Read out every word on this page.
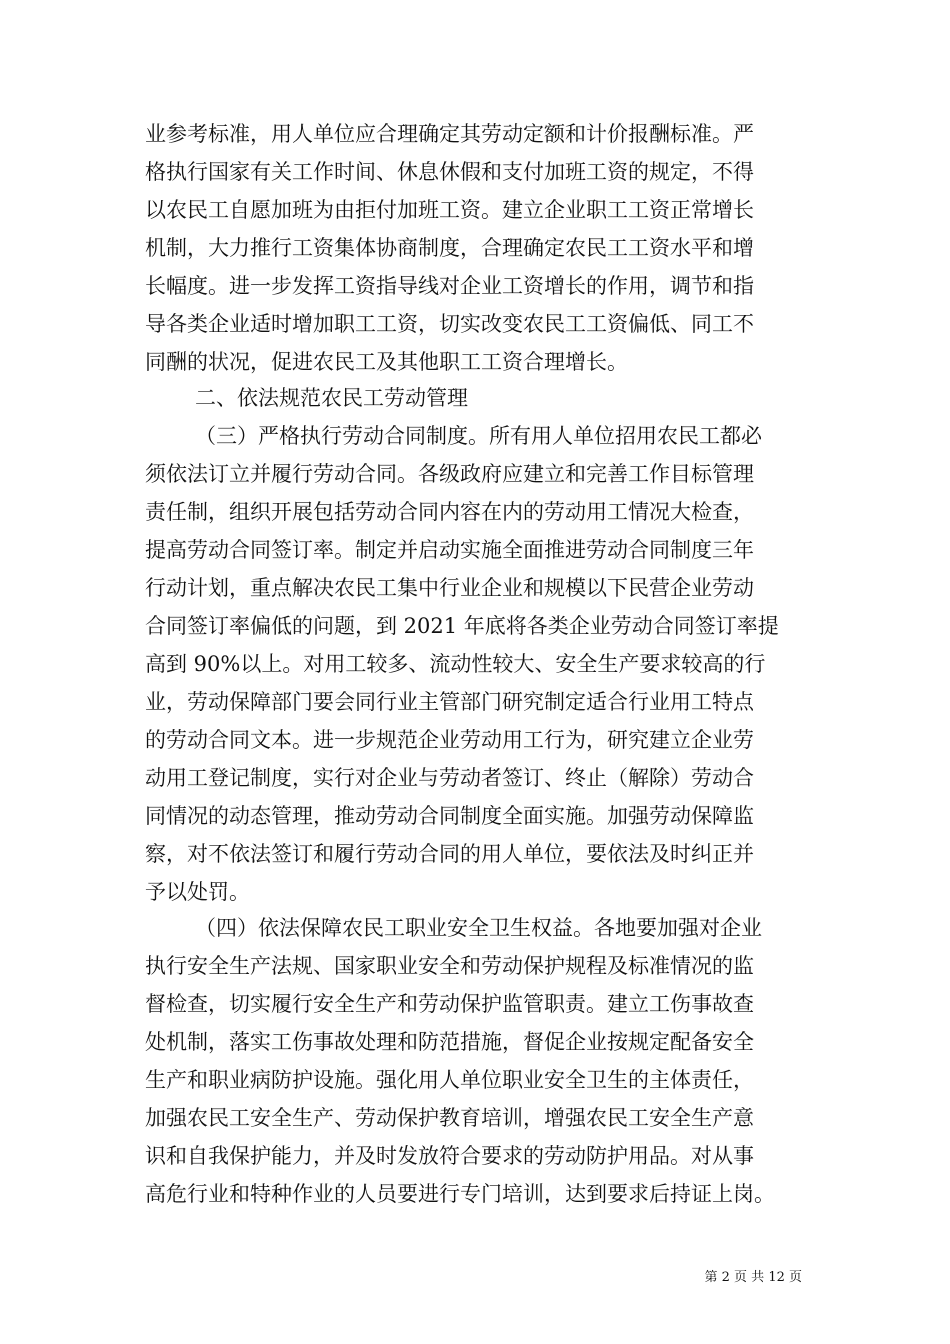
业参考标准，用人单位应合理确定其劳动定额和计价报酬标准。严
格执行国家有关工作时间、休息休假和支付加班工资的规定，不得
以农民工自愿加班为由拒付加班工资。建立企业职工工资正常增长
机制，大力推行工资集体协商制度，合理确定农民工工资水平和增
长幅度。进一步发挥工资指导线对企业工资增长的作用，调节和指
导各类企业适时增加职工工资，切实改变农民工工资偏低、同工不
同酬的状况，促进农民工及其他职工工资合理增长。
二、依法规范农民工劳动管理
（三）严格执行劳动合同制度。所有用人单位招用农民工都必
须依法订立并履行劳动合同。各级政府应建立和完善工作目标管理
责任制，组织开展包括劳动合同内容在内的劳动用工情况大检查，
提高劳动合同签订率。制定并启动实施全面推进劳动合同制度三年
行动计划，重点解决农民工集中行业企业和规模以下民营企业劳动
合同签订率偏低的问题，到 2021 年底将各类企业劳动合同签订率提
高到 90%以上。对用工较多、流动性较大、安全生产要求较高的行
业，劳动保障部门要会同行业主管部门研究制定适合行业用工特点
的劳动合同文本。进一步规范企业劳动用工行为，研究建立企业劳
动用工登记制度，实行对企业与劳动者签订、终止（解除）劳动合
同情况的动态管理，推动劳动合同制度全面实施。加强劳动保障监
察，对不依法签订和履行劳动合同的用人单位，要依法及时纠正并
予以处罚。
（四）依法保障农民工职业安全卫生权益。各地要加强对企业
执行安全生产法规、国家职业安全和劳动保护规程及标准情况的监
督检查，切实履行安全生产和劳动保护监管职责。建立工伤事故查
处机制，落实工伤事故处理和防范措施，督促企业按规定配备安全
生产和职业病防护设施。强化用人单位职业安全卫生的主体责任，
加强农民工安全生产、劳动保护教育培训，增强农民工安全生产意
识和自我保护能力，并及时发放符合要求的劳动防护用品。对从事
高危行业和特种作业的人员要进行专门培训，达到要求后持证上岗。
第 2 页 共 12 页
